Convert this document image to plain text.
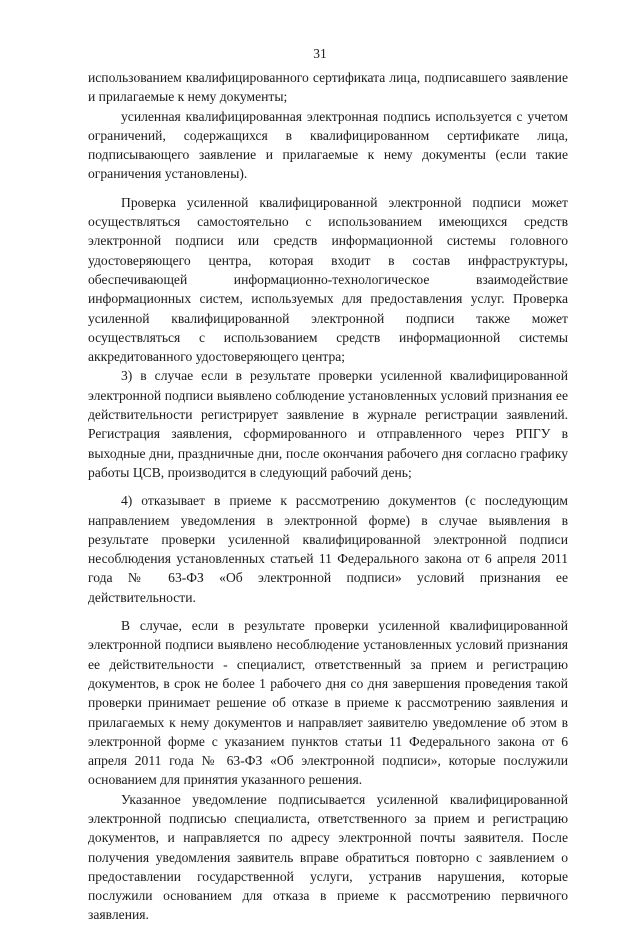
31

использованием квалифицированного сертификата лица, подписавшего заявление и прилагаемые к нему документы;

усиленная квалифицированная электронная подпись используется с учетом ограничений, содержащихся в квалифицированном сертификате лица, подписывающего заявление и прилагаемые к нему документы (если такие ограничения установлены).

Проверка усиленной квалифицированной электронной подписи может осуществляться самостоятельно с использованием имеющихся средств электронной подписи или средств информационной системы головного удостоверяющего центра, которая входит в состав инфраструктуры, обеспечивающей информационно-технологическое взаимодействие информационных систем, используемых для предоставления услуг. Проверка усиленной квалифицированной электронной подписи также может осуществляться с использованием средств информационной системы аккредитованного удостоверяющего центра;

3) в случае если в результате проверки усиленной квалифицированной электронной подписи выявлено соблюдение установленных условий признания ее действительности регистрирует заявление в журнале регистрации заявлений. Регистрация заявления, сформированного и отправленного через РПГУ в выходные дни, праздничные дни, после окончания рабочего дня согласно графику работы ЦСВ, производится в следующий рабочий день;

4) отказывает в приеме к рассмотрению документов (с последующим направлением уведомления в электронной форме) в случае выявления в результате проверки усиленной квалифицированной электронной подписи несоблюдения установленных статьей 11 Федерального закона от 6 апреля 2011 года № 63-ФЗ «Об электронной подписи» условий признания ее действительности.

В случае, если в результате проверки усиленной квалифицированной электронной подписи выявлено несоблюдение установленных условий признания ее действительности - специалист, ответственный за прием и регистрацию документов, в срок не более 1 рабочего дня со дня завершения проведения такой проверки принимает решение об отказе в приеме к рассмотрению заявления и прилагаемых к нему документов и направляет заявителю уведомление об этом в электронной форме с указанием пунктов статьи 11 Федерального закона от 6 апреля 2011 года № 63-ФЗ «Об электронной подписи», которые послужили основанием для принятия указанного решения.

Указанное уведомление подписывается усиленной квалифицированной электронной подписью специалиста, ответственного за прием и регистрацию документов, и направляется по адресу электронной почты заявителя. После получения уведомления заявитель вправе обратиться повторно с заявлением о предоставлении государственной услуги, устранив нарушения, которые послужили основанием для отказа в приеме к рассмотрению первичного заявления.
